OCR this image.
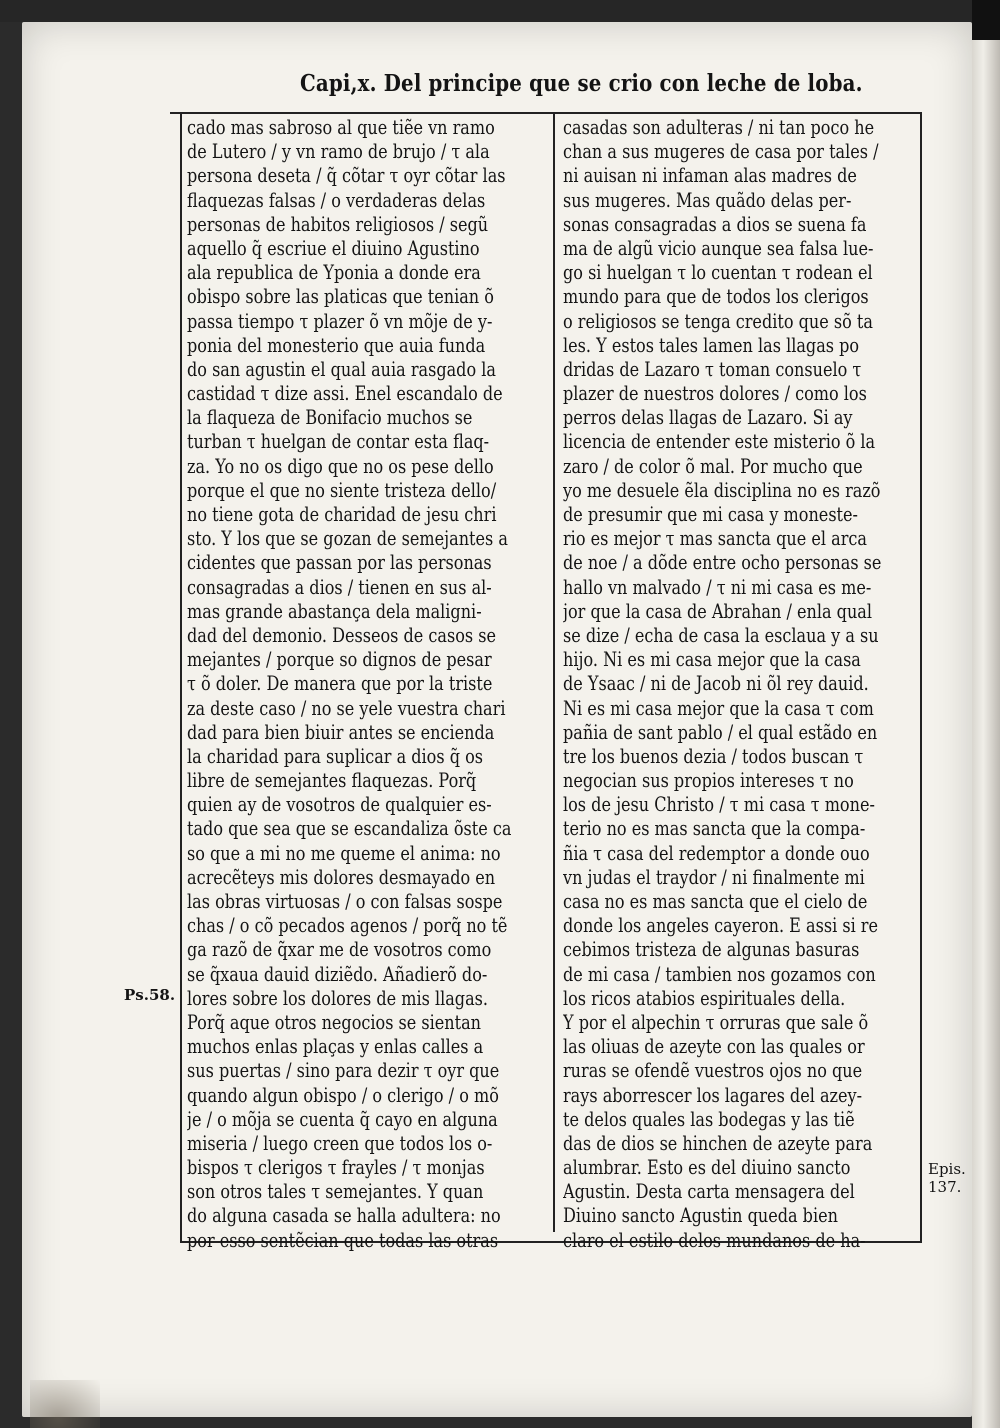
Capi,x. Del principe que se crio con leche de loba.
cado mas sabroso al que tiẽe vn ramo
de Lutero / y vn ramo de brujo / τ ala
persona deseta / q̃ cõtar τ oyr cõtar las
flaquezas falsas / o verdaderas delas
personas de habitos religiosos / segũ
aquello q̃ escriue el diuino Agustino
ala republica de Yponia a donde era
obispo sobre las platicas que tenian õ
passa tiempo τ plazer õ vn mõje de y-
ponia del monesterio que auia funda
do san agustin el qual auia rasgado la
castidad τ dize assi. Enel escandalo de
la flaqueza de Bonifacio muchos se
turban τ huelgan de contar esta flaq-
za. Yo no os digo que no os pese dello
porque el que no siente tristeza dello/
no tiene gota de charidad de jesu chri
sto. Y los que se gozan de semejantes a
cidentes que passan por las personas
consagradas a dios / tienen en sus al-
mas grande abastança dela maligni-
dad del demonio. Desseos de casos se
mejantes / porque so dignos de pesar
τ õ doler. De manera que por la triste
za deste caso / no se yele vuestra chari
dad para bien biuir antes se encienda
la charidad para suplicar a dios q̃ os
libre de semejantes flaquezas. Porq̃
quien ay de vosotros de qualquier es-
tado que sea que se escandaliza õste ca
so que a mi no me queme el anima: no
acrecẽteys mis dolores desmayado en
las obras virtuosas / o con falsas sospe
chas / o cõ pecados agenos / porq̃ no tẽ
ga razõ de q̃xar me de vosotros como
se q̃xaua dauid diziẽdo. Añadierõ do-
lores sobre los dolores de mis llagas.
Porq̃ aque otros negocios se sientan
muchos enlas plaças y enlas calles a
sus puertas / sino para dezir τ oyr que
quando algun obispo / o clerigo / o mõ
je / o mõja se cuenta q̃ cayo en alguna
miseria / luego creen que todos los o-
bispos τ clerigos τ frayles / τ monjas
son otros tales τ semejantes. Y quan
do alguna casada se halla adultera: no
por esso sentẽcian que todas las otras
casadas son adulteras / ni tan poco he
chan a sus mugeres de casa por tales /
ni auisan ni infaman alas madres de
sus mugeres. Mas quãdo delas per-
sonas consagradas a dios se suena fa
ma de algũ vicio aunque sea falsa lue-
go si huelgan τ lo cuentan τ rodean el
mundo para que de todos los clerigos
o religiosos se tenga credito que sõ ta
les. Y estos tales lamen las llagas po
dridas de Lazaro τ toman consuelo τ
plazer de nuestros dolores / como los
perros delas llagas de Lazaro. Si ay
licencia de entender este misterio õ la
zaro / de color õ mal. Por mucho que
yo me desuele ẽla disciplina no es razõ
de presumir que mi casa y moneste-
rio es mejor τ mas sancta que el arca
de noe / a dõde entre ocho personas se
hallo vn malvado / τ ni mi casa es me-
jor que la casa de Abrahan / enla qual
se dize / echa de casa la esclaua y a su
hijo. Ni es mi casa mejor que la casa
de Ysaac / ni de Jacob ni õl rey dauid.
Ni es mi casa mejor que la casa τ com
pañia de sant pablo / el qual estãdo en
tre los buenos dezia / todos buscan τ
negocian sus propios intereses τ no
los de jesu Christo / τ mi casa τ mone-
terio no es mas sancta que la compa-
ñia τ casa del redemptor a donde ouo
vn judas el traydor / ni finalmente mi
casa no es mas sancta que el cielo de
donde los angeles cayeron. E assi si re
cebimos tristeza de algunas basuras
de mi casa / tambien nos gozamos con
los ricos atabios espirituales della.
Y por el alpechin τ orruras que sale õ
las oliuas de azeyte con las quales or
ruras se ofendẽ vuestros ojos no que
rays aborrescer los lagares del azey-
te delos quales las bodegas y las tiẽ
das de dios se hinchen de azeyte para
alumbrar. Esto es del diuino sancto
Agustin. Desta carta mensagera del
Diuino sancto Agustin queda bien
claro el estilo delos mundanos de ha-
Ps.58.
Epis.
137.
